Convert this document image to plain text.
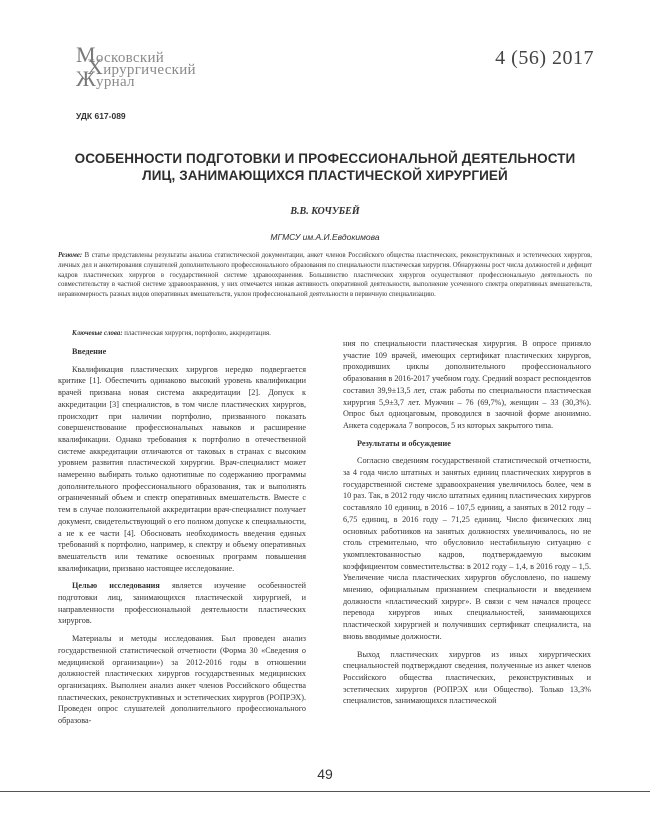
Московский
Хирургический
Журнал
4 (56) 2017
УДК 617-089
ОСОБЕННОСТИ ПОДГОТОВКИ И ПРОФЕССИОНАЛЬНОЙ ДЕЯТЕЛЬНОСТИ ЛИЦ, ЗАНИМАЮЩИХСЯ ПЛАСТИЧЕСКОЙ ХИРУРГИЕЙ
В.В. КОЧУБЕЙ
МГМСУ им.А.И.Евдокимова
Резюме: В статье представлены результаты анализа статистической документации, анкет членов Российского общества пластических, реконструктивных и эстетических хирургов, личных дел и анкетирования слушателей дополнительного профессионального образования по специальности пластическая хирургия. Обнаружены рост числа должностей и дефицит кадров пластических хирургов в государственной системе здравоохранения. Большинство пластических хирургов осуществляют профессиональную деятельность по совместительству в частной системе здравоохранения, у них отмечается низкая активность оперативной деятельности, выполнение усеченного спектра оперативных вмешательств, неравномерность разных видов оперативных вмешательств, уклон профессиональной деятельности в первичную специализацию.
Ключевые слова: пластическая хирургия, портфолио, аккредитация.
Введение

Квалификация пластических хирургов нередко подвергается критике [1]. Обеспечить одинаково высокий уровень квалификации врачей призвана новая система аккредитации [2]. Допуск к аккредитации [3] специалистов, в том числе пластических хирургов, происходит при наличии портфолио, призванного показать совершенствование профессиональных навыков и расширение квалификации. Однако требования к портфолио в отечественной системе аккредитации отличаются от таковых в странах с высоким уровнем развития пластической хирургии. Врач-специалист может намеренно выбирать только однотипные по содержанию программы дополнительного профессионального образования, так и выполнять ограниченный объем и спектр оперативных вмешательств. Вместе с тем в случае положительной аккредитации врач-специалист получает документ, свидетельствующий о его полном допуске к специальности, а не к ее части [4]. Обосновать необходимость введения единых требований к портфолио, например, к спектру и объему оперативных вмешательств или тематике освоенных программ повышения квалификации, призвано настоящее исследование.

Целью исследования является изучение особенностей подготовки лиц, занимающихся пластической хирургией, и направленности профессиональной деятельности пластических хирургов.

Материалы и методы исследования. Был проведен анализ государственной статистической отчетности (Форма 30 «Сведения о медицинской организации») за 2012-2016 годы в отношении должностей пластических хирургов государственных медицинских организациях. Выполнен анализ анкет членов Российского общества пластических, реконструктивных и эстетических хирургов (РОПРЭХ). Проведен опрос слушателей дополнительного профессионального образова-

ния по специальности пластическая хирургия. В опросе приняло участие 109 врачей, имеющих сертификат пластических хирургов, проходивших циклы дополнительного профессионального образования в 2016-2017 учебном году. Средний возраст респондентов составил 39,9±13,5 лет, стаж работы по специальности пластическая хирургия 5,9±3,7 лет. Мужчин – 76 (69,7%), женщин – 33 (30,3%). Опрос был одноцаговым, проводился в заочной форме анонимно. Анкета содержала 7 вопросов, 5 из которых закрытого типа.

Результаты и обсуждение

Согласно сведениям государственной статистической отчетности, за 4 года число штатных и занятых единиц пластических хирургов в государственной системе здравоохранения увеличилось более, чем в 10 раз. Так, в 2012 году число штатных единиц пластических хирургов составляло 10 единиц, в 2016 – 107,5 единиц, а занятых в 2012 году – 6,75 единиц, в 2016 году – 71,25 единиц. Число физических лиц основных работников на занятых должностях увеличивалось, но не столь стремительно, что обусловило нестабильную ситуацию с укомплектованностью кадров, подтверждаемую высоким коэффициентом совместительства: в 2012 году – 1,4, в 2016 году – 1,5. Увеличение числа пластических хирургов обусловлено, по нашему мнению, официальным признанием специальности и введением должности «пластический хирург». В связи с чем начался процесс перевода хирургов иных специальностей, занимающихся пластической хирургией и получивших сертификат специалиста, на вновь вводимые должности.

Выход пластических хирургов из иных хирургических специальностей подтверждают сведения, полученные из анкет членов Российского общества пластических, реконструктивных и эстетических хирургов (РОПРЭХ или Общество). Только 13,3% специалистов, занимающихся пластической

49
